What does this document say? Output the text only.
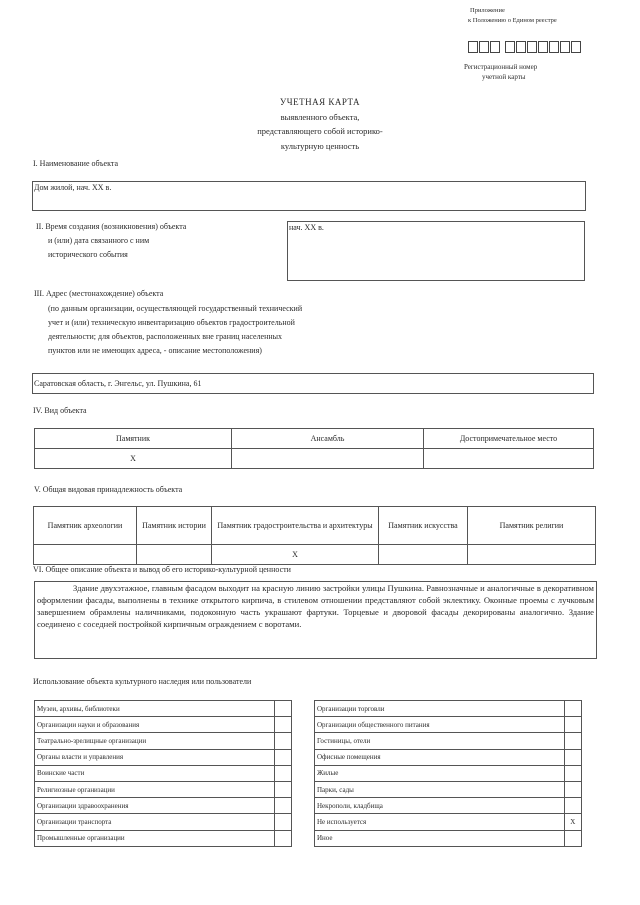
Приложение
к Положению о Едином реестре
Регистрационный номер
учетной карты
УЧЕТНАЯ КАРТА
выявленного объекта,
представляющего собой историко-
культурную ценность
I. Наименование объекта
Дом жилой, нач. XX в.
II. Время создания (возникновения) объекта
и (или) дата связанного с ним
исторического события
нач. XX в.
III. Адрес (местонахождение) объекта
(по данным организации, осуществляющей государственный технический
учет и (или) техническую инвентаризацию объектов градостроительной
деятельности; для объектов, расположенных вне границ населенных
пунктов или не имеющих адреса, - описание местоположения)
Саратовская область, г. Энгельс, ул. Пушкина, 61
IV. Вид объекта
Памятник	Ансамбль	Достопримечательное место
X		
V. Общая видовая принадлежность объекта
Памятник археологии	Памятник истории	Памятник градостроительства и архитектуры	Памятник искусства	Памятник религии
		X		
VI. Общее описание объекта и вывод об его историко-культурной ценности
Здание двухэтажное, главным фасадом выходит на красную линию застройки улицы Пушкина. Равнозначные и аналогичные в декоративном оформлении фасады, выполнены в технике открытого кирпича, в стилевом отношении представляют собой эклектику. Оконные проемы с лучковым завершением обрамлены наличниками, подоконную часть украшают фартуки. Торцевые и дворовой фасады декорированы аналогично. Здание соединено с соседней постройкой кирпичным ограждением с воротами.
Использование объекта культурного наследия или пользователи
Музеи, архивы, библиотеки	
Организации науки и образования	
Театрально-зрелищные организации	
Органы власти и управления	
Воинские части	
Религиозные организации	
Организации здравоохранения	
Организации транспорта	
Промышленные организации	
Организации торговли	
Организации общественного питания	
Гостиницы, отели	
Офисные помещения	
Жилые	
Парки, сады	
Некрополи, кладбища	
Не используется	X
Иное	
